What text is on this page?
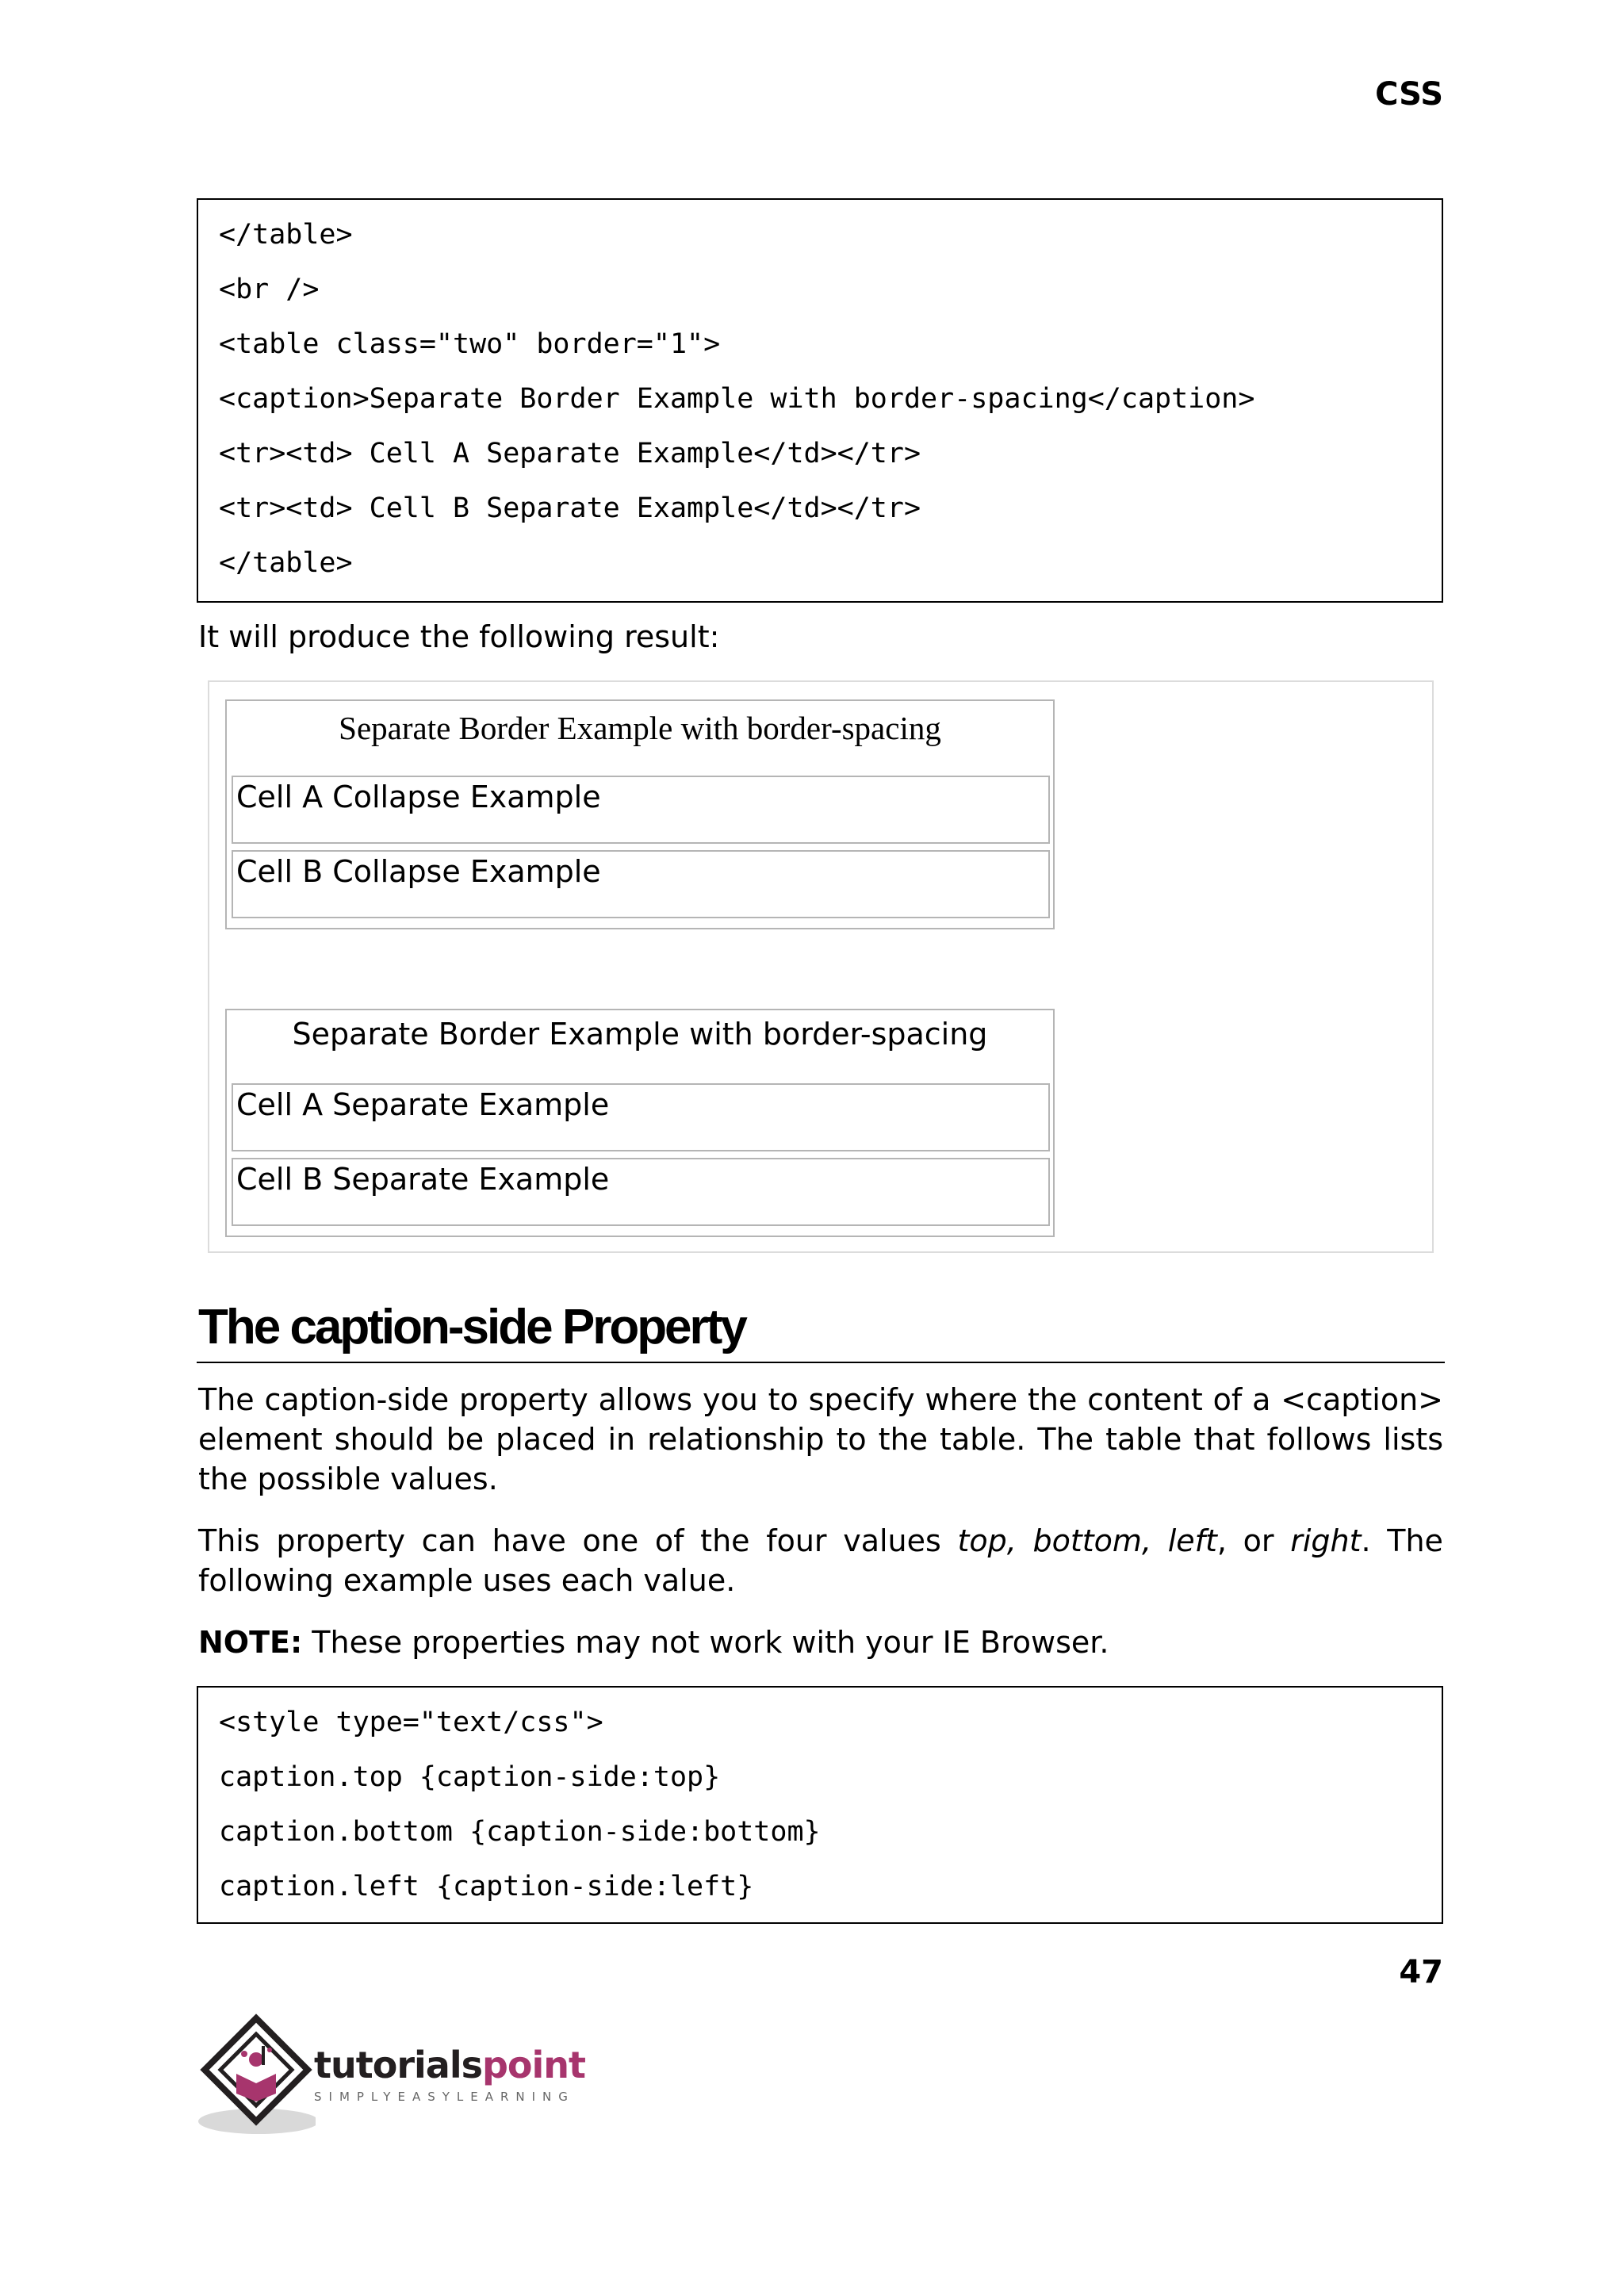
CSS
</table>
<br />
<table class="two" border="1">
<caption>Separate Border Example with border-spacing</caption>
<tr><td> Cell A Separate Example</td></tr>
<tr><td> Cell B Separate Example</td></tr>
</table>
It will produce the following result:
Separate Border Example with border-spacing
Cell A Collapse Example
Cell B Collapse Example
Separate Border Example with border-spacing
Cell A Separate Example
Cell B Separate Example
The caption-side Property
The caption-side property allows you to specify where the content of a <caption> element should be placed in relationship to the table. The table that follows lists the possible values.
This property can have one of the four values top, bottom, left, or right. The following example uses each value.
NOTE: These properties may not work with your IE Browser.
<style type="text/css">
caption.top {caption-side:top}
caption.bottom {caption-side:bottom}
caption.left {caption-side:left}
47
tutorialspoint
SIMPLYEASYLEARNING
